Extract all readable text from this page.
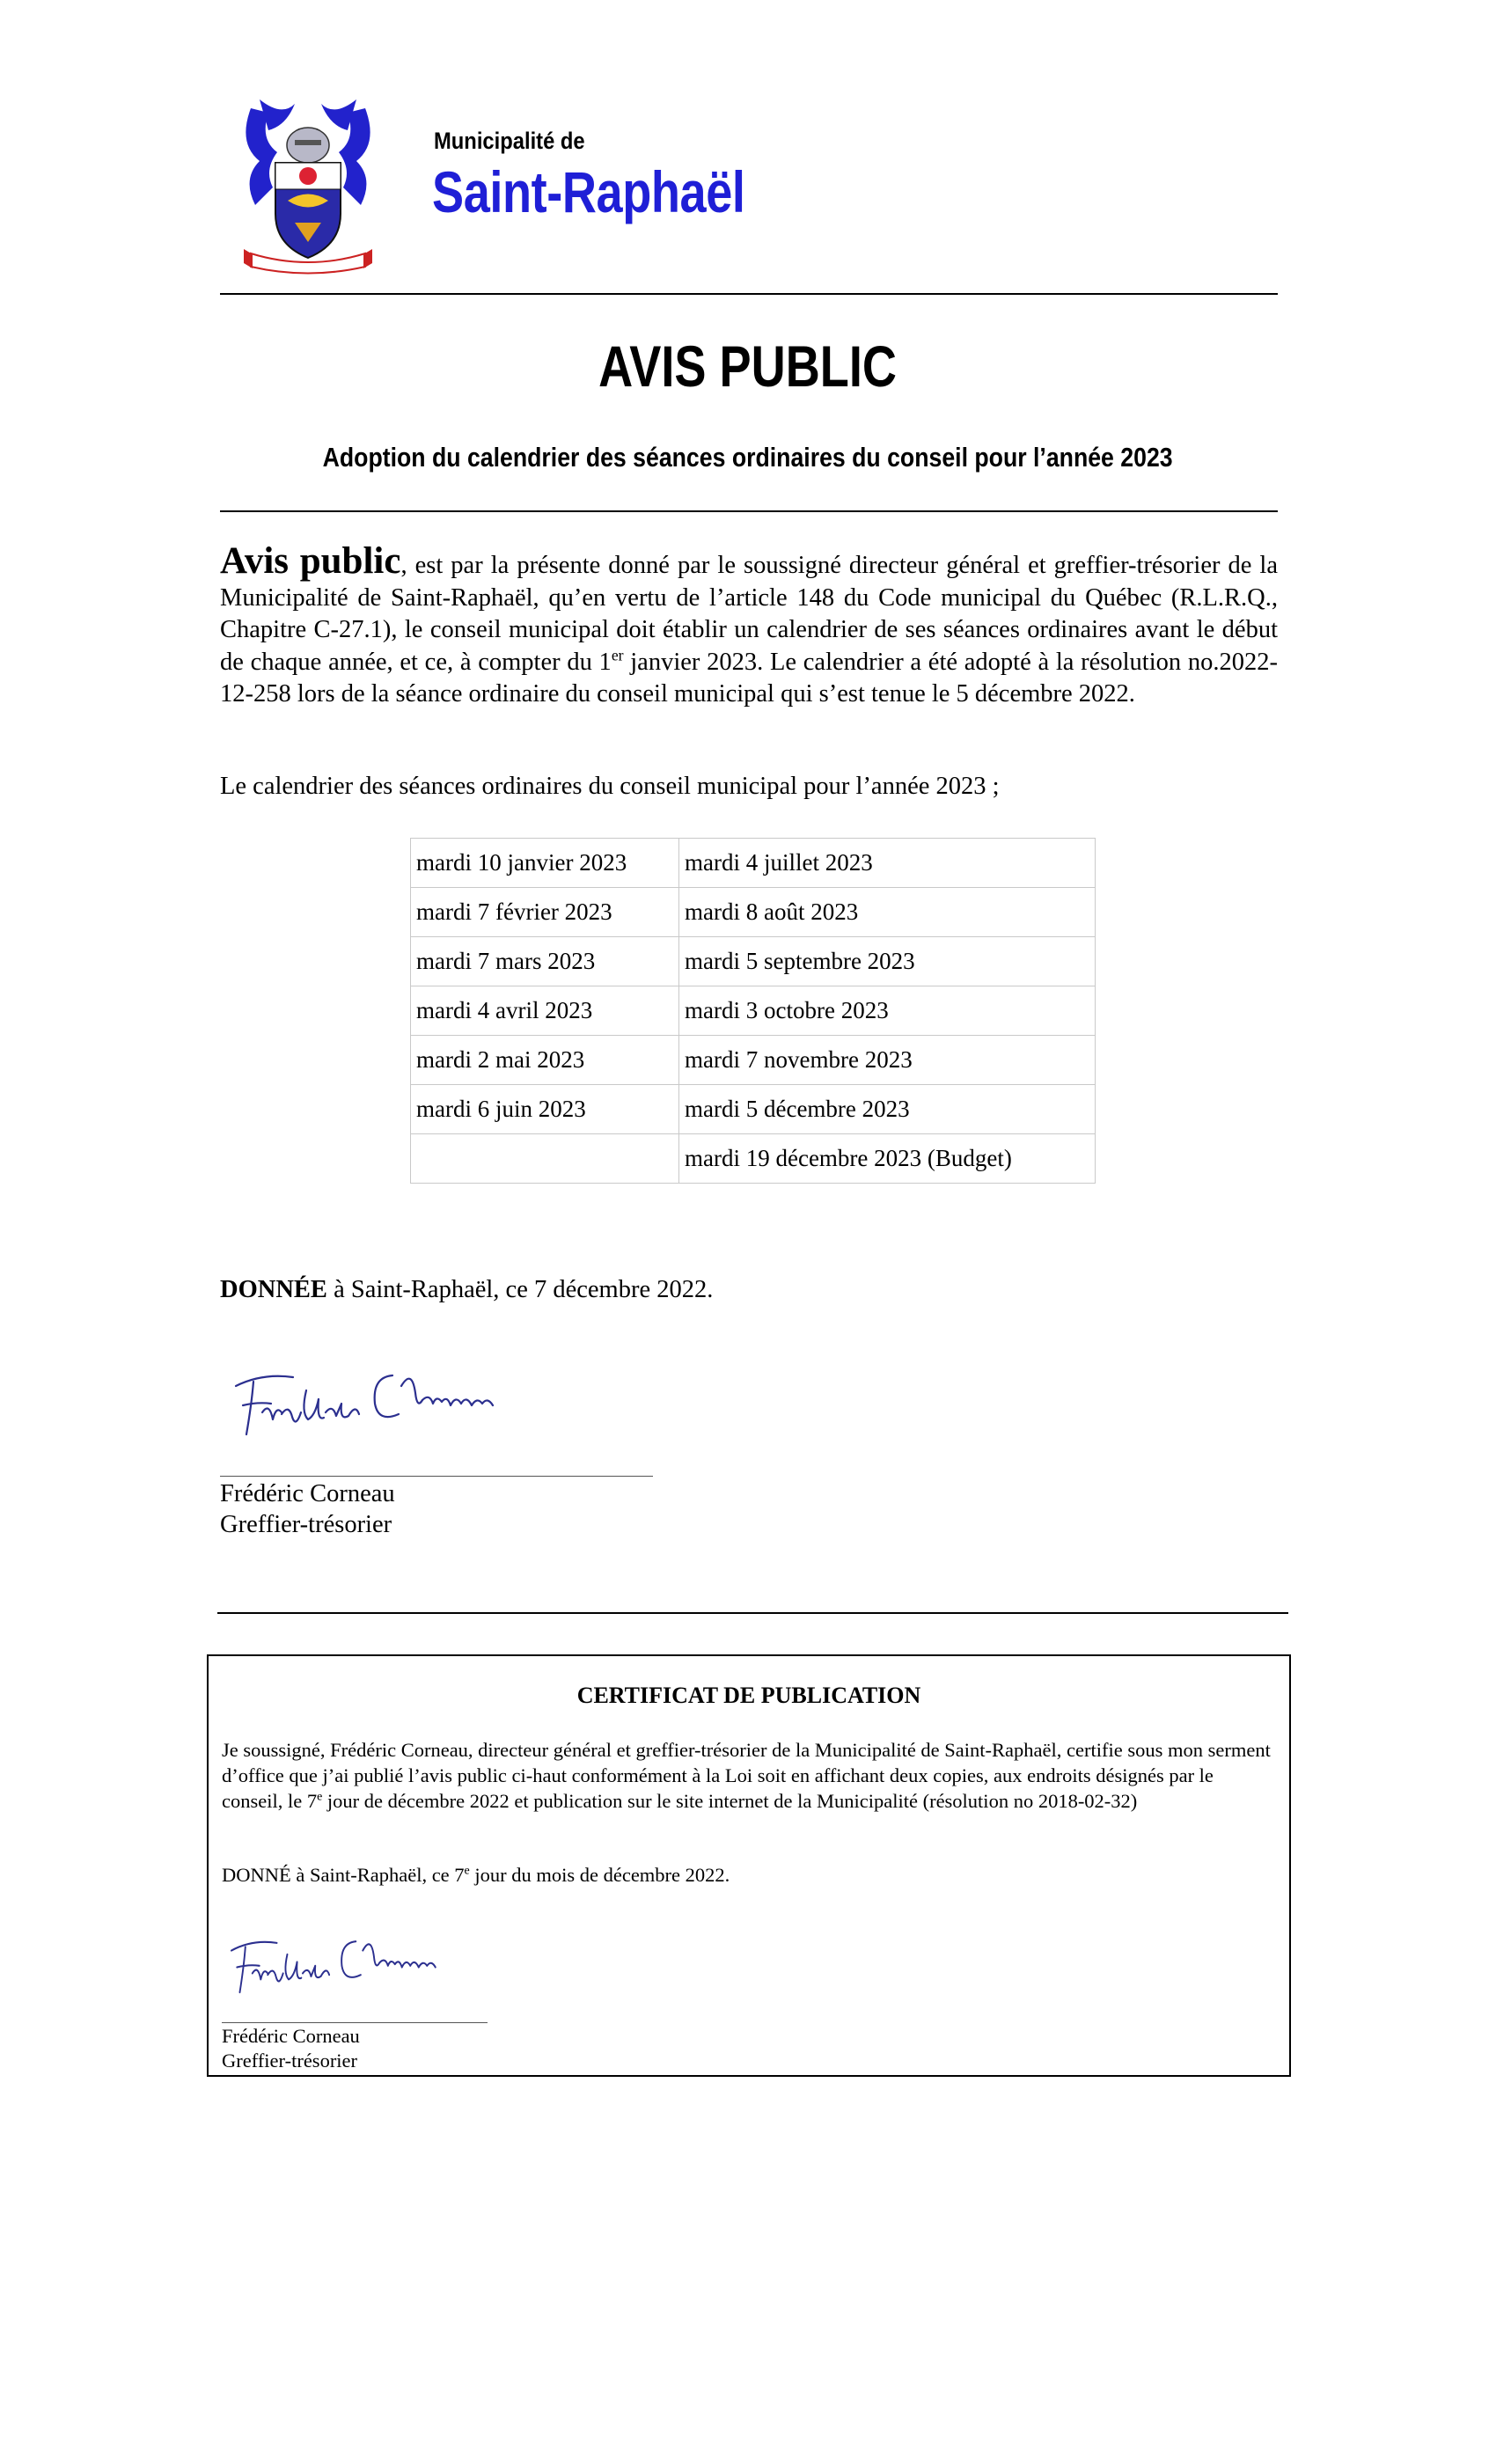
Municipalité de
Saint-Raphaël
AVIS PUBLIC
Adoption du calendrier des séances ordinaires du conseil pour l’année 2023
Avis public, est par la présente donné par le soussigné directeur général et greffier-trésorier de la Municipalité de Saint-Raphaël, qu’en vertu de l’article 148 du Code municipal du Québec (R.L.R.Q., Chapitre C-27.1), le conseil municipal doit établir un calendrier de ses séances ordinaires avant le début de chaque année, et ce, à compter du 1er janvier 2023. Le calendrier a été adopté à la résolution no.2022-12-258 lors de la séance ordinaire du conseil municipal qui s’est tenue le 5 décembre 2022.
Le calendrier des séances ordinaires du conseil municipal pour l’année 2023 ;
mardi 10 janvier 2023	mardi 4 juillet 2023
mardi 7 février 2023	mardi 8 août 2023
mardi 7 mars 2023	mardi 5 septembre 2023
mardi 4 avril 2023	mardi 3 octobre 2023
mardi 2 mai 2023	mardi 7 novembre 2023
mardi 6 juin 2023	mardi 5 décembre 2023
	mardi 19 décembre 2023 (Budget)
DONNÉE à Saint-Raphaël, ce 7 décembre 2022.
Frédéric Corneau
Greffier-trésorier
CERTIFICAT DE PUBLICATION
Je soussigné, Frédéric Corneau, directeur général et greffier-trésorier de la Municipalité de Saint-Raphaël, certifie sous mon serment d’office que j’ai publié l’avis public ci-haut conformément à la Loi soit en affichant deux copies, aux endroits désignés par le conseil, le 7e jour de décembre 2022 et publication sur le site internet de la Municipalité (résolution no 2018-02-32)
DONNÉ à Saint-Raphaël, ce 7e jour du mois de décembre 2022.
Frédéric Corneau
Greffier-trésorier
